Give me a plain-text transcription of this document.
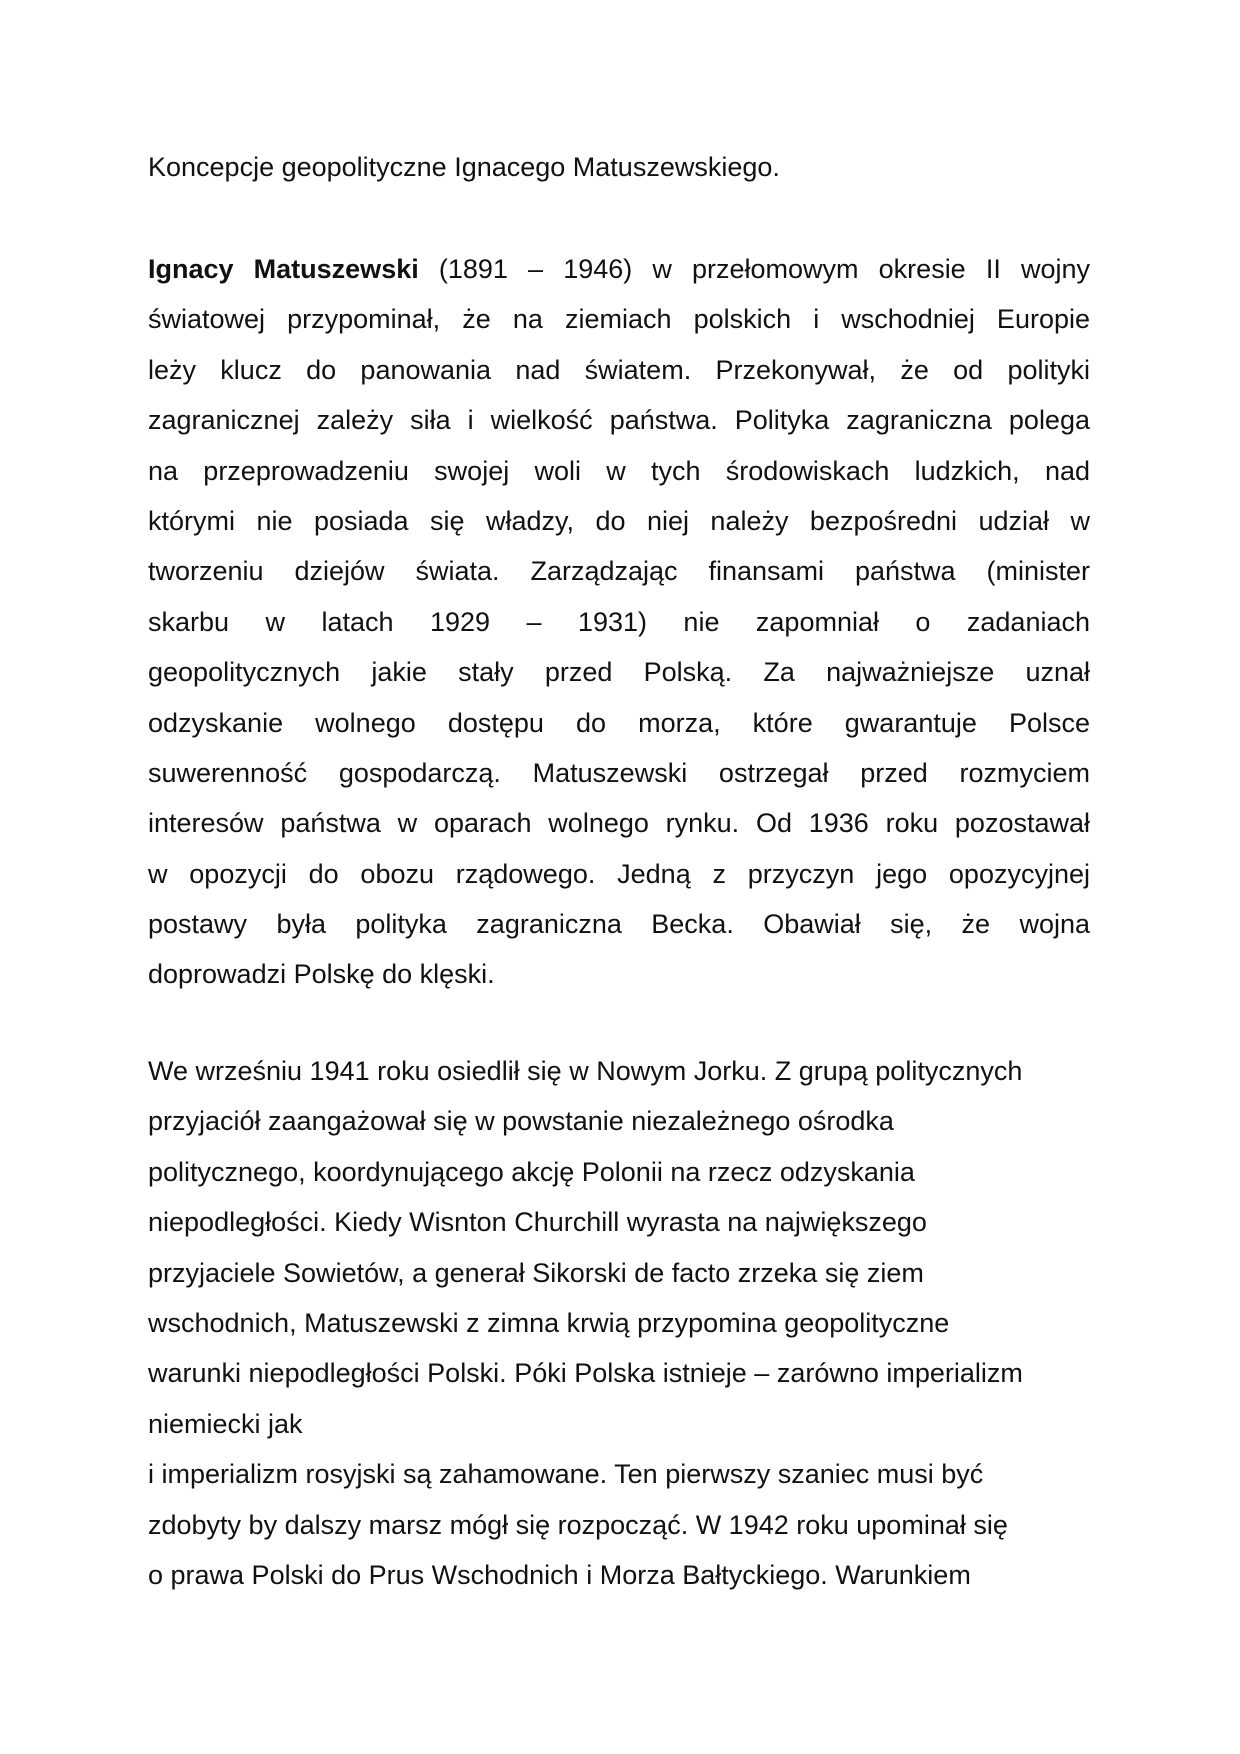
Koncepcje geopolityczne Ignacego Matuszewskiego.
Ignacy Matuszewski (1891 – 1946) w przełomowym okresie II wojny
światowej przypominał, że na ziemiach polskich i wschodniej Europie
leży klucz do panowania nad światem. Przekonywał, że od polityki
zagranicznej zależy siła i wielkość państwa. Polityka zagraniczna polega
na przeprowadzeniu swojej woli w tych środowiskach ludzkich, nad
którymi nie posiada się władzy, do niej należy bezpośredni udział w
tworzeniu dziejów świata. Zarządzając finansami państwa (minister
skarbu w latach 1929 – 1931) nie zapomniał o zadaniach
geopolitycznych jakie stały przed Polską. Za najważniejsze uznał
odzyskanie wolnego dostępu do morza, które gwarantuje Polsce
suwerenność gospodarczą. Matuszewski ostrzegał przed rozmyciem
interesów państwa w oparach wolnego rynku. Od 1936 roku pozostawał
w opozycji do obozu rządowego. Jedną z przyczyn jego opozycyjnej
postawy była polityka zagraniczna Becka. Obawiał się, że wojna
doprowadzi Polskę do klęski.
We wrześniu 1941 roku osiedlił się w Nowym Jorku. Z grupą politycznych
przyjaciół zaangażował się w powstanie niezależnego ośrodka
politycznego, koordynującego akcję Polonii na rzecz odzyskania
niepodległości. Kiedy Wisnton Churchill wyrasta na największego
przyjaciele Sowietów, a generał Sikorski de facto zrzeka się ziem
wschodnich, Matuszewski z zimna krwią przypomina geopolityczne
warunki niepodległości Polski. Póki Polska istnieje – zarówno imperializm
niemiecki jak
i imperializm rosyjski są zahamowane. Ten pierwszy szaniec musi być
zdobyty by dalszy marsz mógł się rozpocząć. W 1942 roku upominał się
o prawa Polski do Prus Wschodnich i Morza Bałtyckiego. Warunkiem
